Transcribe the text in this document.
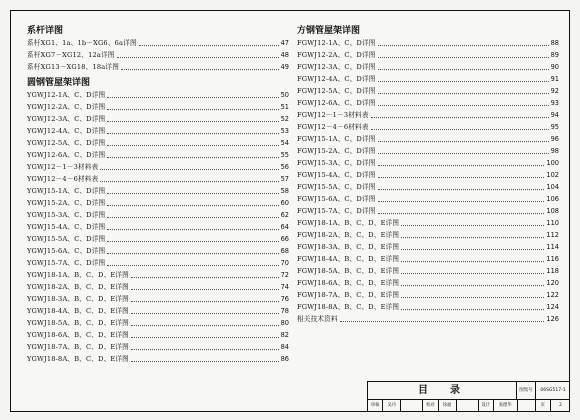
系杆详图
系杆XG1、1a、1b－XG6、6a详图	47
系杆XG7－XG12、12a详图	48
系杆XG13－XG18、18a详图	49
圆钢管屋架详图
YGWJ12-1A、C、D详图	50
YGWJ12-2A、C、D详图	51
YGWJ12-3A、C、D详图	52
YGWJ12-4A、C、D详图	53
YGWJ12-5A、C、D详图	54
YGWJ12-6A、C、D详图	55
YGWJ12－1－3材料表	56
YGWJ12－4－6材料表	57
YGWJ15-1A、C、D详图	58
YGWJ15-2A、C、D详图	60
YGWJ15-3A、C、D详图	62
YGWJ15-4A、C、D详图	64
YGWJ15-5A、C、D详图	66
YGWJ15-6A、C、D详图	68
YGWJ15-7A、C、D详图	70
YGWJ18-1A、B、C、D、E详图	72
YGWJ18-2A、B、C、D、E详图	74
YGWJ18-3A、B、C、D、E详图	76
YGWJ18-4A、B、C、D、E详图	78
YGWJ18-5A、B、C、D、E详图	80
YGWJ18-6A、B、C、D、E详图	82
YGWJ18-7A、B、C、D、E详图	84
YGWJ18-8A、B、C、D、E详图	86
方钢管屋架详图
FGWJ12-1A、C、D详图	88
FGWJ12-2A、C、D详图	89
FGWJ12-3A、C、D详图	90
FGWJ12-4A、C、D详图	91
FGWJ12-5A、C、D详图	92
FGWJ12-6A、C、D详图	93
FGWJ12－1－3材料表	94
FGWJ12－4－6材料表	95
FGWJ15-1A、C、D详图	96
FGWJ15-2A、C、D详图	98
FGWJ15-3A、C、D详图	100
FGWJ15-4A、C、D详图	102
FGWJ15-5A、C、D详图	104
FGWJ15-6A、C、D详图	106
FGWJ15-7A、C、D详图	108
FGWJ18-1A、B、C、D、E详图	110
FGWJ18-2A、B、C、D、E详图	112
FGWJ18-3A、B、C、D、E详图	114
FGWJ18-4A、B、C、D、E详图	116
FGWJ18-5A、B、C、D、E详图	118
FGWJ18-6A、B、C、D、E详图	120
FGWJ18-7A、B、C、D、E详图	122
FGWJ18-8A、B、C、D、E详图	124
相关技术资料	126
目　录	图集号	06SG517-1
审核	吴丹
	校对	徐福
	设计	张德华
	页	2
